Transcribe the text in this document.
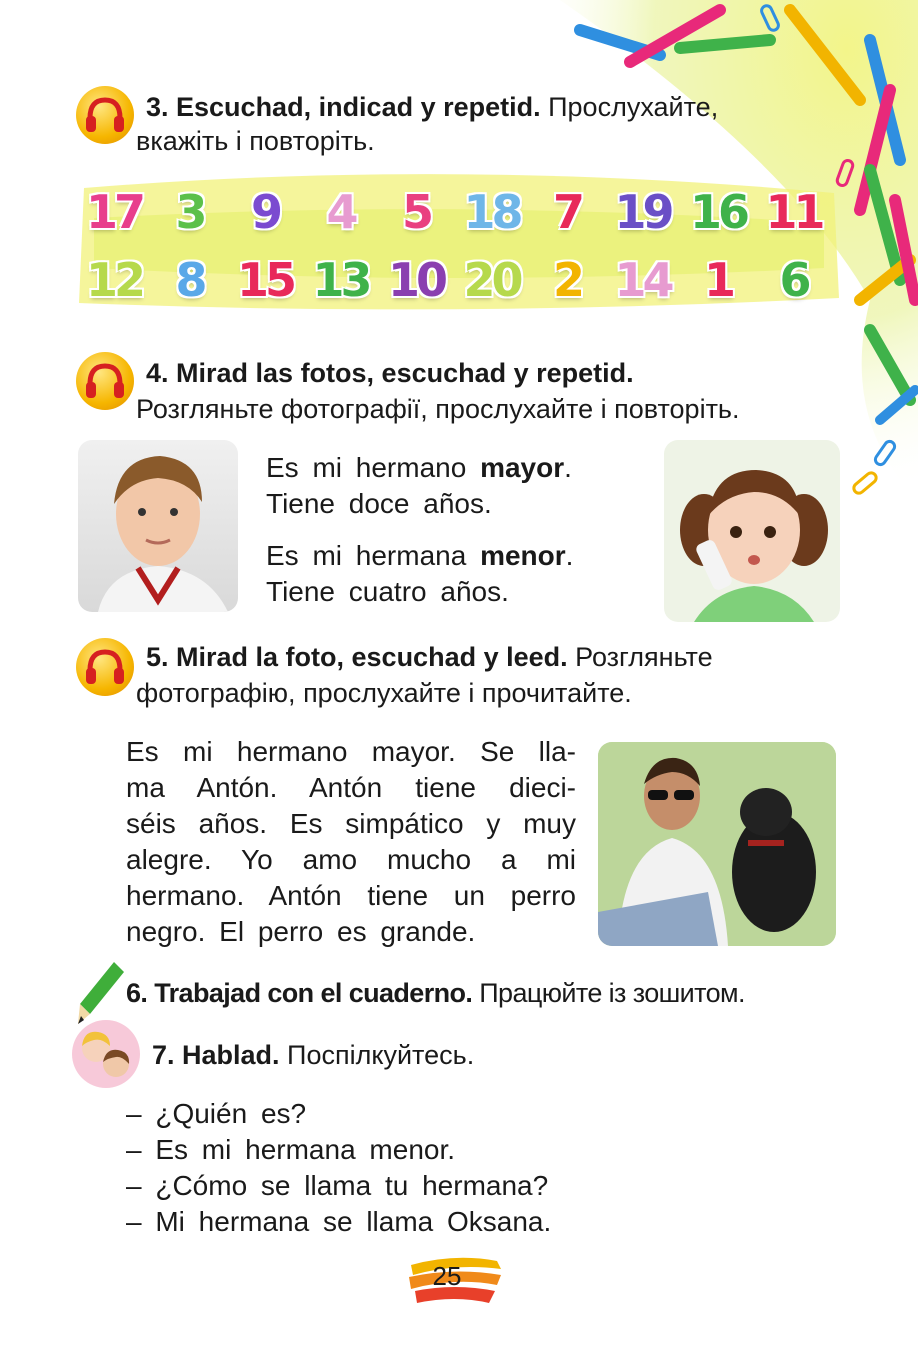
3. Escuchad, indicad y repetid. Прослухайте,
вкажіть і повторіть.
17 3	9	4	5 18 7 19 16 11
12 8 15 13 10 20 2 14 1	6
4. Mirad las fotos, escuchad y repetid.
Розгляньте фотографії, прослухайте і повторіть.
Es mi hermano mayor.
Tiene doce años.
Es mi hermana menor.
Tiene cuatro años.
5. Mirad la foto, escuchad y leed. Розгляньте
фотографію, прослухайте і прочитайте.
Es mi hermano mayor. Se lla-
ma Antón. Antón tiene dieci-
séis años. Es simpático y muy
alegre. Yo amo mucho a mi
hermano. Antón tiene un perro
negro. El perro es grande.
6. Trabajad con el cuaderno. Працюйте із зошитом.
7. Hablad. Поспілкуйтесь.
– ¿Quién es?
– Es mi hermana menor.
– ¿Cómo se llama tu hermana?
– Mi hermana se llama Oksana.
25
